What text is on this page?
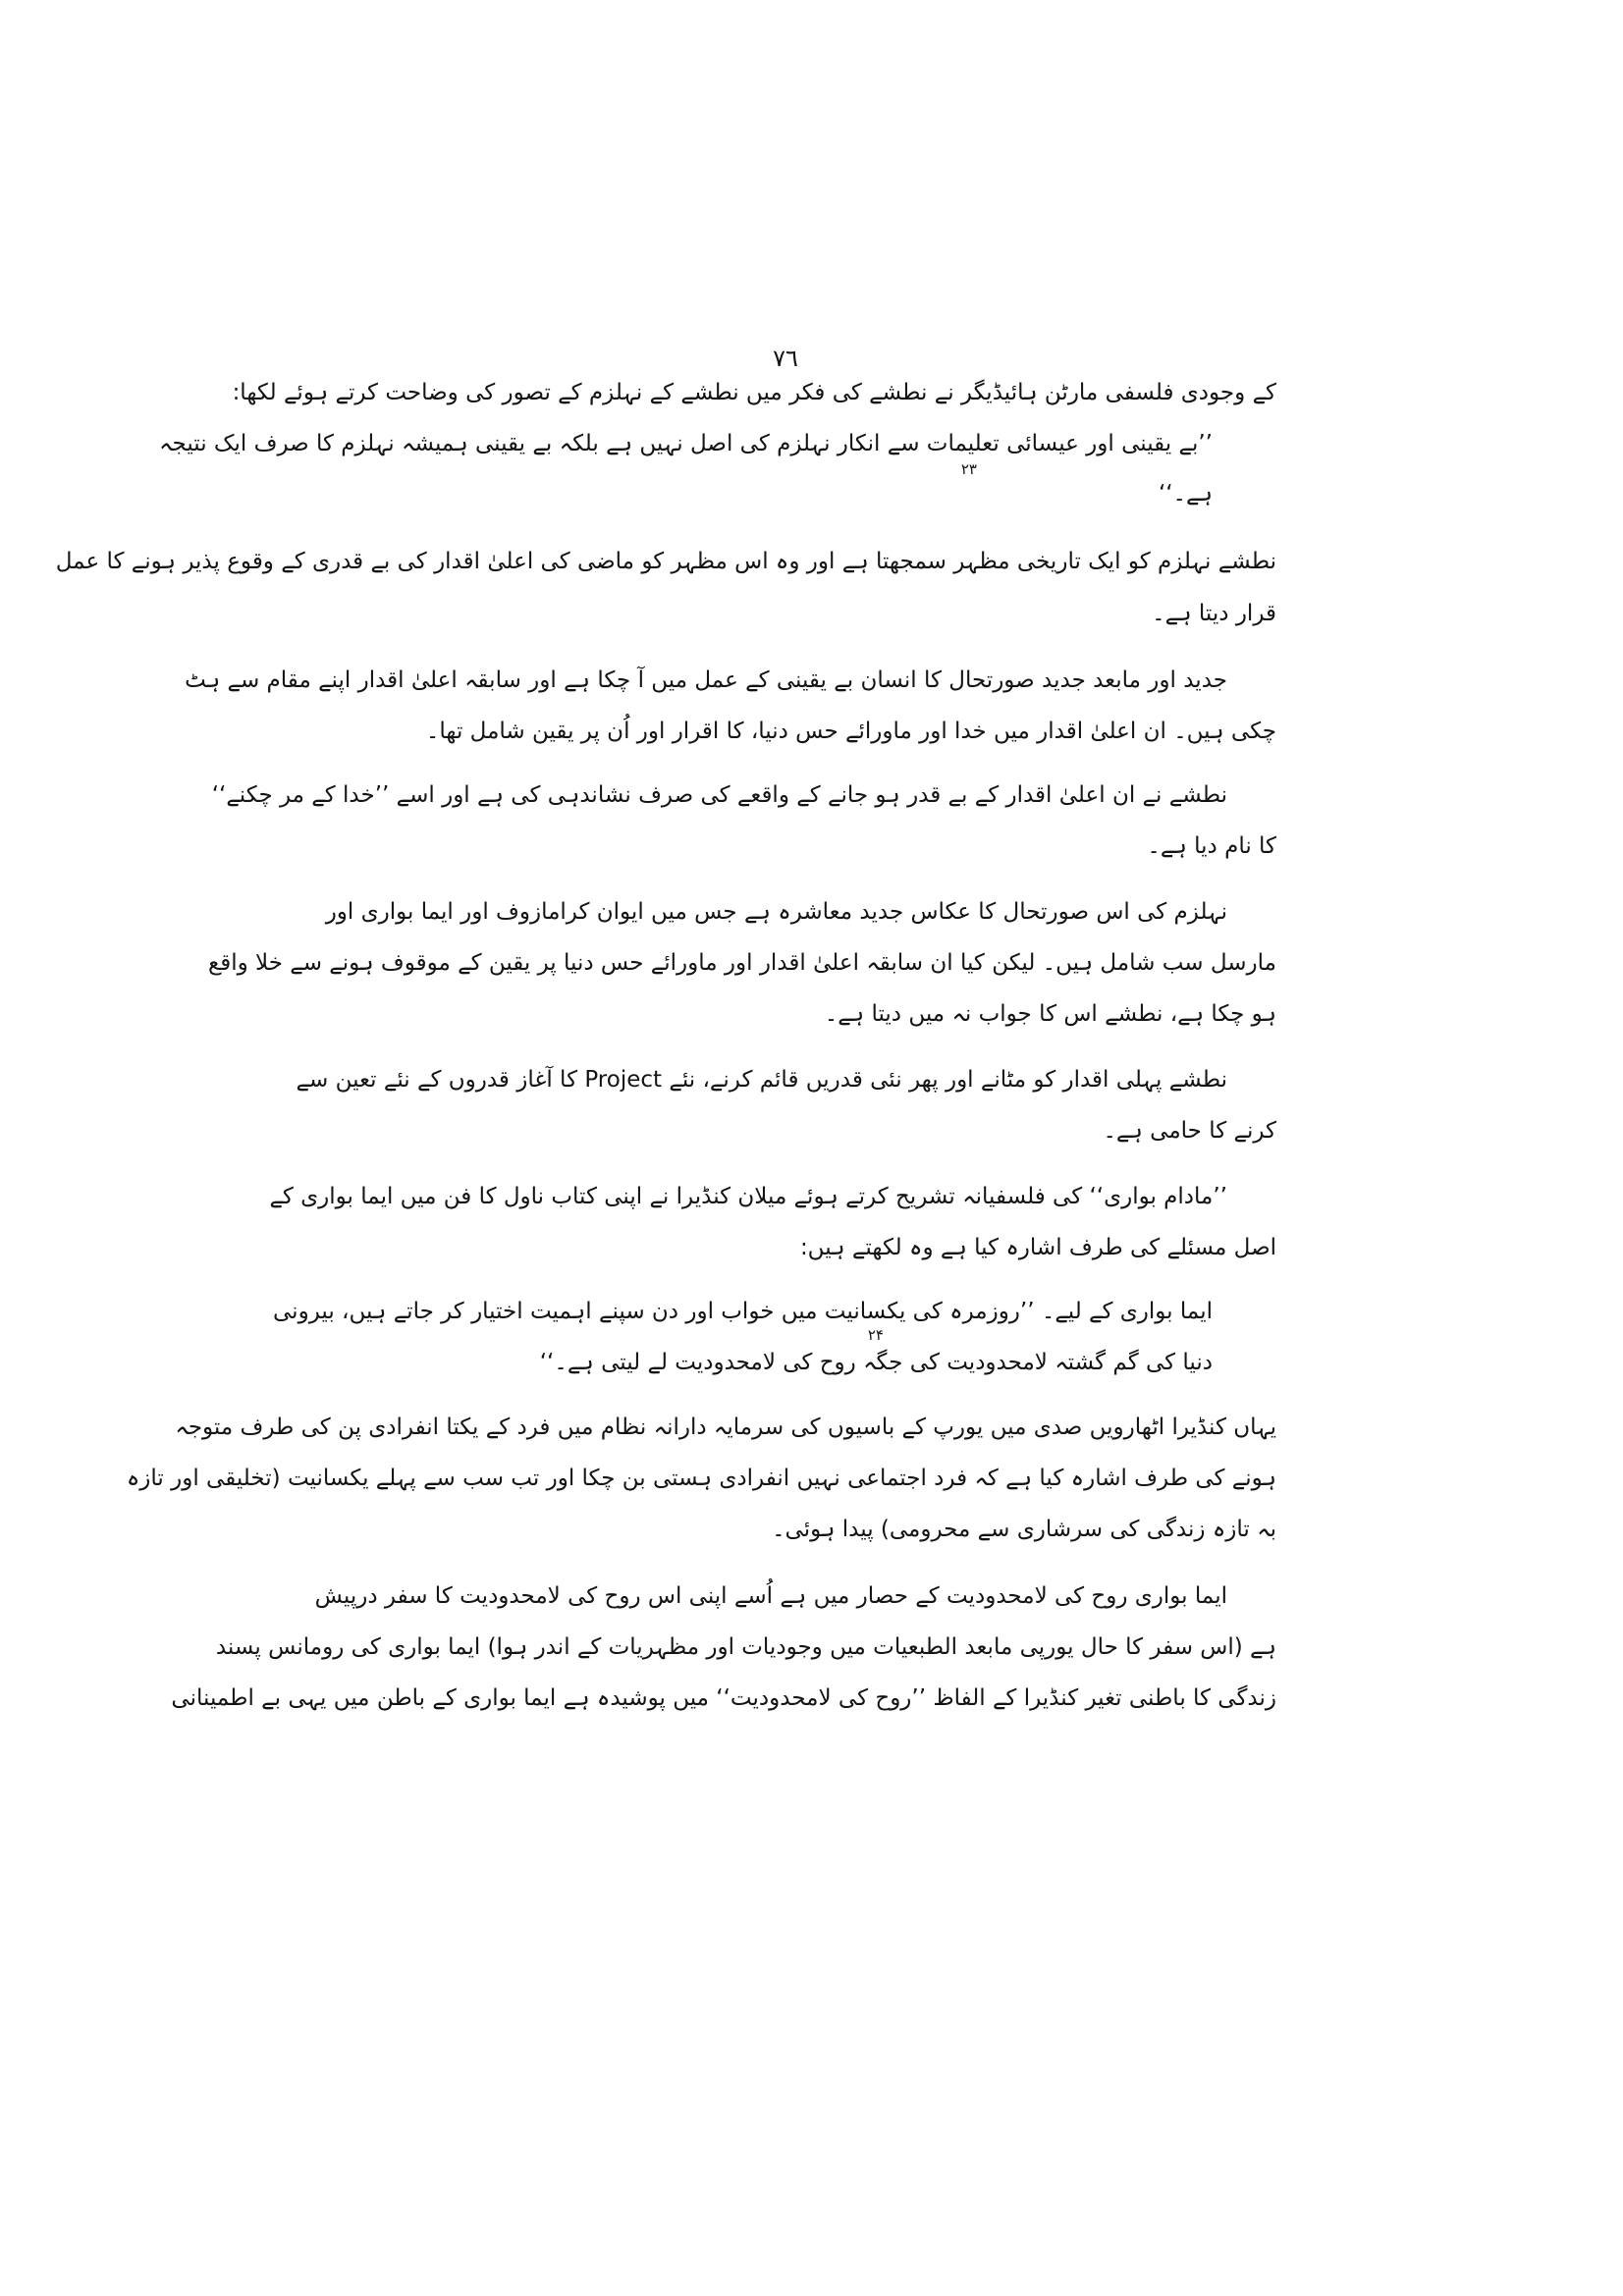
٧٦
کے وجودی فلسفی مارٹن ہائیڈیگر نے نطشے کی فکر میں نطشے کے نہلزم کے تصور کی وضاحت کرتے ہوئے لکھا:
’’بے یقینی اور عیسائی تعلیمات سے انکار نہلزم کی اصل نہیں ہے بلکہ بے یقینی ہمیشہ نہلزم کا صرف ایک نتیجہ
۲۳
ہے۔‘‘
نطشے نہلزم کو ایک تاریخی مظہر سمجھتا ہے اور وہ اس مظہر کو ماضی کی اعلیٰ اقدار کی بے قدری کے وقوع پذیر ہونے کا عمل
قرار دیتا ہے۔
جدید اور مابعد جدید صورتحال کا انسان بے یقینی کے عمل میں آ چکا ہے اور سابقہ اعلیٰ اقدار اپنے مقام سے ہٹ
چکی ہیں۔ ان اعلیٰ اقدار میں خدا اور ماورائے حس دنیا، کا اقرار اور اُن پر یقین شامل تھا۔
نطشے نے ان اعلیٰ اقدار کے بے قدر ہو جانے کے واقعے کی صرف نشاندہی کی ہے اور اسے ’’خدا کے مر چکنے‘‘
کا نام دیا ہے۔
نہلزم کی اس صورتحال کا عکاس جدید معاشرہ ہے جس میں ایوان کرامازوف اور ایما بواری اور
مارسل سب شامل ہیں۔ لیکن کیا ان سابقہ اعلیٰ اقدار اور ماورائے حس دنیا پر یقین کے موقوف ہونے سے خلا واقع
ہو چکا ہے، نطشے اس کا جواب نہ میں دیتا ہے۔
نطشے پہلی اقدار کو مٹانے اور پھر نئی قدریں قائم کرنے، نئے Project کا آغاز قدروں کے نئے تعین سے
کرنے کا حامی ہے۔
’’مادام بواری‘‘ کی فلسفیانہ تشریح کرتے ہوئے میلان کنڈیرا نے اپنی کتاب ناول کا فن میں ایما بواری کے
اصل مسئلے کی طرف اشارہ کیا ہے وہ لکھتے ہیں:
ایما بواری کے لیے۔ ’’روزمرہ کی یکسانیت میں خواب اور دن سپنے اہمیت اختیار کر جاتے ہیں، بیرونی
۲۴
دنیا کی گم گشتہ لامحدودیت کی جگہ روح کی لامحدودیت لے لیتی ہے۔‘‘
یہاں کنڈیرا اٹھارویں صدی میں یورپ کے باسیوں کی سرمایہ دارانہ نظام میں فرد کے یکتا انفرادی پن کی طرف متوجہ
ہونے کی طرف اشارہ کیا ہے کہ فرد اجتماعی نہیں انفرادی ہستی بن چکا اور تب سب سے پہلے یکسانیت (تخلیقی اور تازہ
بہ تازہ زندگی کی سرشاری سے محرومی) پیدا ہوئی۔
ایما بواری روح کی لامحدودیت کے حصار میں ہے اُسے اپنی اس روح کی لامحدودیت کا سفر درپیش
ہے (اس سفر کا حال یورپی مابعد الطبعیات میں وجودیات اور مظہریات کے اندر ہوا) ایما بواری کی رومانس پسند
زندگی کا باطنی تغیر کنڈیرا کے الفاظ ’’روح کی لامحدودیت‘‘ میں پوشیدہ ہے ایما بواری کے باطن میں یہی بے اطمینانی
